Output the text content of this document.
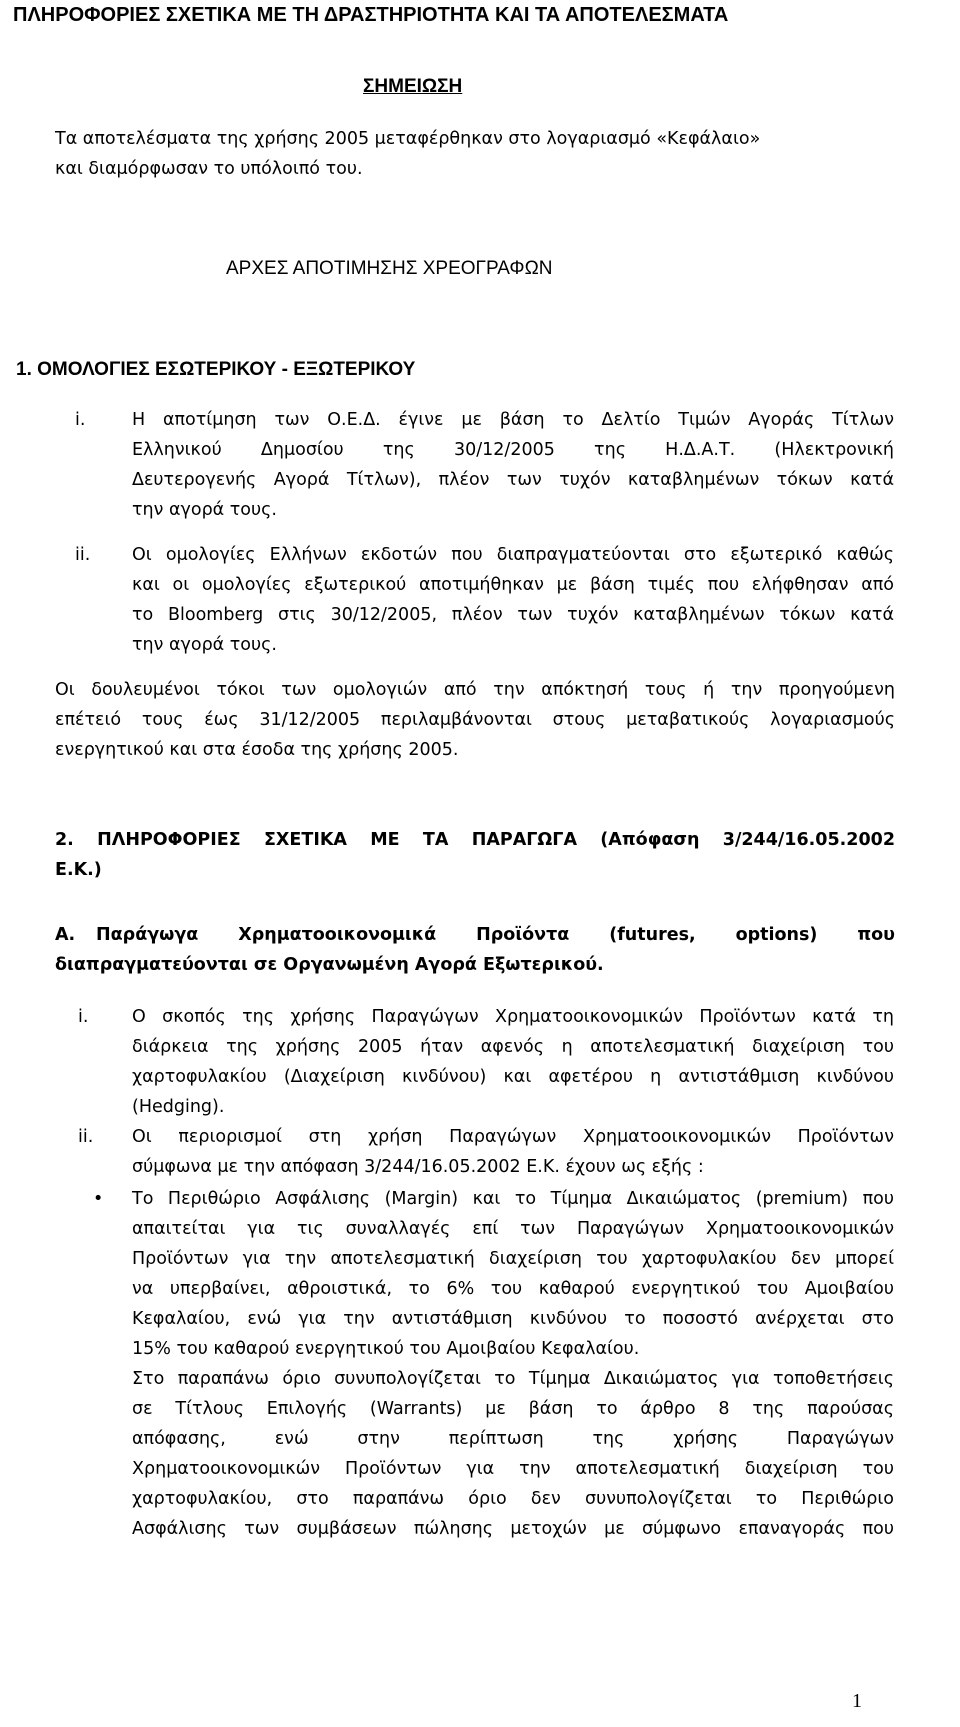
ΠΛΗΡΟΦΟΡΙΕΣ ΣΧΕΤΙΚΑ ΜΕ ΤΗ ΔΡΑΣΤΗΡΙΟΤΗΤΑ ΚΑΙ ΤΑ ΑΠΟΤΕΛΕΣΜΑΤΑ
ΣΗΜΕΙΩΣΗ
Τα αποτελέσματα της χρήσης 2005 μεταφέρθηκαν στο λογαριασμό «Κεφάλαιο»
και διαμόρφωσαν το υπόλοιπό του.
ΑΡΧΕΣ ΑΠΟΤΙΜΗΣΗΣ ΧΡΕΟΓΡΑΦΩΝ
1. ΟΜΟΛΟΓΙΕΣ ΕΣΩΤΕΡΙΚΟΥ - ΕΞΩΤΕΡΙΚΟΥ
i.	Η αποτίμηση των Ο.Ε.Δ. έγινε με βάση το Δελτίο Τιμών Αγοράς Τίτλων
Ελληνικού Δημοσίου της 30/12/2005 της Η.Δ.Α.Τ. (Ηλεκτρονική
Δευτερογενής Αγορά Τίτλων), πλέον των τυχόν καταβλημένων τόκων κατά
την αγορά τους.
ii. Οι ομολογίες Ελλήνων εκδοτών που διαπραγματεύονται στο εξωτερικό καθώς
και οι ομολογίες εξωτερικού αποτιμήθηκαν με βάση τιμές που ελήφθησαν από
το Bloomberg στις 30/12/2005, πλέον των τυχόν καταβλημένων τόκων κατά
την αγορά τους.
Οι δουλευμένοι τόκοι των ομολογιών από την απόκτησή τους ή την προηγούμενη
επέτειό τους έως 31/12/2005 περιλαμβάνονται στους μεταβατικούς λογαριασμούς
ενεργητικού και στα έσοδα της χρήσης 2005.
2. ΠΛΗΡΟΦΟΡΙΕΣ ΣΧΕΤΙΚΑ ΜΕ ΤΑ ΠΑΡΑΓΩΓΑ (Απόφαση 3/244/16.05.2002
Ε.Κ.)
Α. Παράγωγα Χρηματοοικονομικά Προϊόντα (futures, options) που
διαπραγματεύονται σε Οργανωμένη Αγορά Εξωτερικού.
i. Ο σκοπός της χρήσης Παραγώγων Χρηματοοικονομικών Προϊόντων κατά τη
διάρκεια της χρήσης 2005 ήταν αφενός η αποτελεσματική διαχείριση του
χαρτοφυλακίου (Διαχείριση κινδύνου) και αφετέρου η αντιστάθμιση κινδύνου
(Hedging).
ii. Οι περιορισμοί στη χρήση Παραγώγων Χρηματοοικονομικών Προϊόντων
σύμφωνα με την απόφαση 3/244/16.05.2002 Ε.Κ. έχουν ως εξής :
• Το Περιθώριο Ασφάλισης (Margin) και το Τίμημα Δικαιώματος (premium) που
απαιτείται για τις συναλλαγές επί των Παραγώγων Χρηματοοικονομικών
Προϊόντων για την αποτελεσματική διαχείριση του χαρτοφυλακίου δεν μπορεί
να υπερβαίνει, αθροιστικά, το 6% του καθαρού ενεργητικού του Αμοιβαίου
Κεφαλαίου, ενώ για την αντιστάθμιση κινδύνου το ποσοστό ανέρχεται στο
15% του καθαρού ενεργητικού του Αμοιβαίου Κεφαλαίου.
Στο παραπάνω όριο συνυπολογίζεται το Τίμημα Δικαιώματος για τοποθετήσεις
σε Τίτλους Επιλογής (Warrants) με βάση το άρθρο 8 της παρούσας
απόφασης, ενώ στην περίπτωση της χρήσης Παραγώγων
Χρηματοοικονομικών Προϊόντων για την αποτελεσματική διαχείριση του
χαρτοφυλακίου, στο παραπάνω όριο δεν συνυπολογίζεται το Περιθώριο
Ασφάλισης των συμβάσεων πώλησης μετοχών με σύμφωνο επαναγοράς που
1
